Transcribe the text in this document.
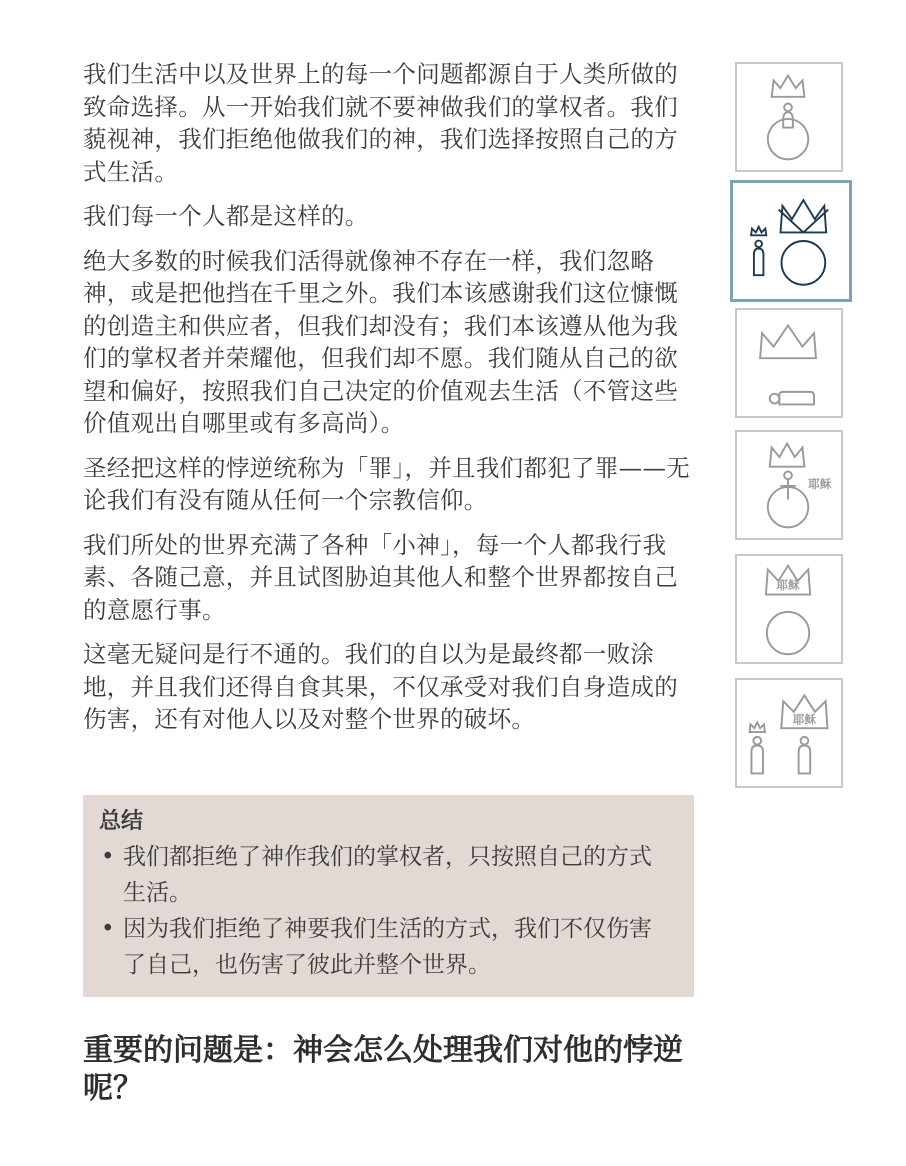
我们生活中以及世界上的每一个问题都源自于人类所做的致命选择。从一开始我们就不要神做我们的掌权者。我们藐视神，我们拒绝他做我们的神，我们选择按照自己的方式生活。

我们每一个人都是这样的。

绝大多数的时候我们活得就像神不存在一样，我们忽略神，或是把他挡在千里之外。我们本该感谢我们这位慷慨的创造主和供应者，但我们却没有；我们本该遵从他为我们的掌权者并荣耀他，但我们却不愿。我们随从自己的欲望和偏好，按照我们自己决定的价值观去生活（不管这些价值观出自哪里或有多高尚）。

圣经把这样的悖逆统称为「罪」，并且我们都犯了罪——无论我们有没有随从任何一个宗教信仰。

我们所处的世界充满了各种「小神」，每一个人都我行我素、各随己意，并且试图胁迫其他人和整个世界都按自己的意愿行事。

这毫无疑问是行不通的。我们的自以为是最终都一败涂地，并且我们还得自食其果，不仅承受对我们自身造成的伤害，还有对他人以及对整个世界的破坏。

总结
• 我们都拒绝了神作我们的掌权者，只按照自己的方式生活。
• 因为我们拒绝了神要我们生活的方式，我们不仅伤害了自己，也伤害了彼此并整个世界。
重要的问题是：神会怎么处理我们对他的悖逆呢？
耶稣
耶稣
耶稣
